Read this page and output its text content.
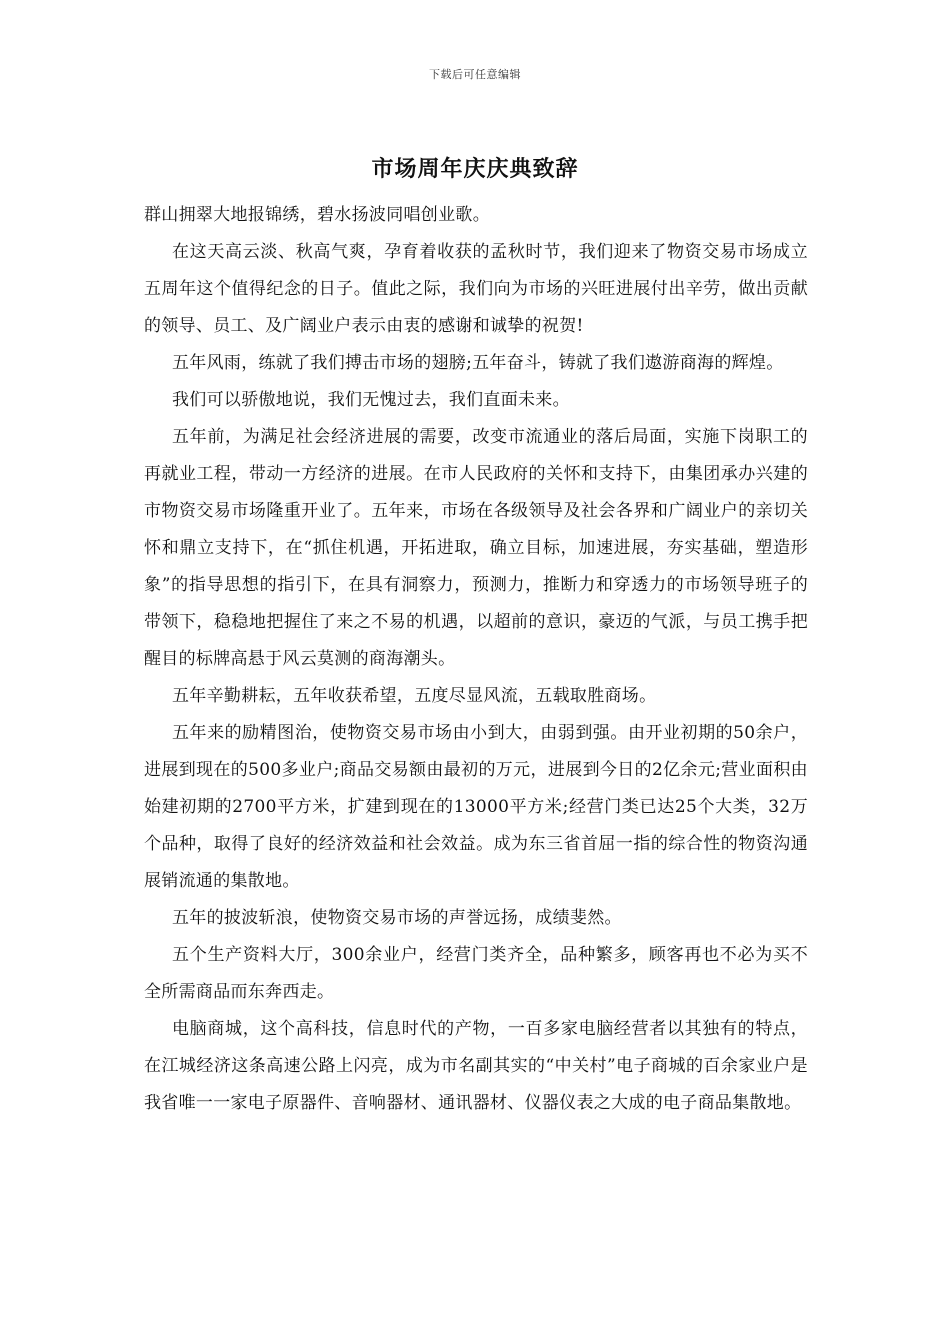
下载后可任意编辑
市场周年庆庆典致辞

群山拥翠大地报锦绣，碧水扬波同唱创业歌。

在这天高云淡、秋高气爽，孕育着收获的孟秋时节，我们迎来了物资交易市场成立五周年这个值得纪念的日子。值此之际，我们向为市场的兴旺进展付出辛劳，做出贡献的领导、员工、及广阔业户表示由衷的感谢和诚挚的祝贺!

五年风雨，练就了我们搏击市场的翅膀;五年奋斗，铸就了我们遨游商海的辉煌。

我们可以骄傲地说，我们无愧过去，我们直面未来。

五年前，为满足社会经济进展的需要，改变市流通业的落后局面，实施下岗职工的再就业工程，带动一方经济的进展。在市人民政府的关怀和支持下，由集团承办兴建的市物资交易市场隆重开业了。五年来，市场在各级领导及社会各界和广阔业户的亲切关怀和鼎立支持下，在“抓住机遇，开拓进取，确立目标，加速进展，夯实基础，塑造形象”的指导思想的指引下，在具有洞察力，预测力，推断力和穿透力的市场领导班子的带领下，稳稳地把握住了来之不易的机遇，以超前的意识，豪迈的气派，与员工携手把醒目的标牌高悬于风云莫测的商海潮头。

五年辛勤耕耘，五年收获希望，五度尽显风流，五载取胜商场。

五年来的励精图治，使物资交易市场由小到大，由弱到强。由开业初期的50余户，进展到现在的500多业户;商品交易额由最初的万元，进展到今日的2亿余元;营业面积由始建初期的2700平方米，扩建到现在的13000平方米;经营门类已达25个大类，32万个品种，取得了良好的经济效益和社会效益。成为东三省首屈一指的综合性的物资沟通展销流通的集散地。

五年的披波斩浪，使物资交易市场的声誉远扬，成绩斐然。

五个生产资料大厅，300余业户，经营门类齐全，品种繁多，顾客再也不必为买不全所需商品而东奔西走。

电脑商城，这个高科技，信息时代的产物，一百多家电脑经营者以其独有的特点，在江城经济这条高速公路上闪亮，成为市名副其实的“中关村”电子商城的百余家业户是我省唯一一家电子原器件、音响器材、通讯器材、仪器仪表之大成的电子商品集散地。
